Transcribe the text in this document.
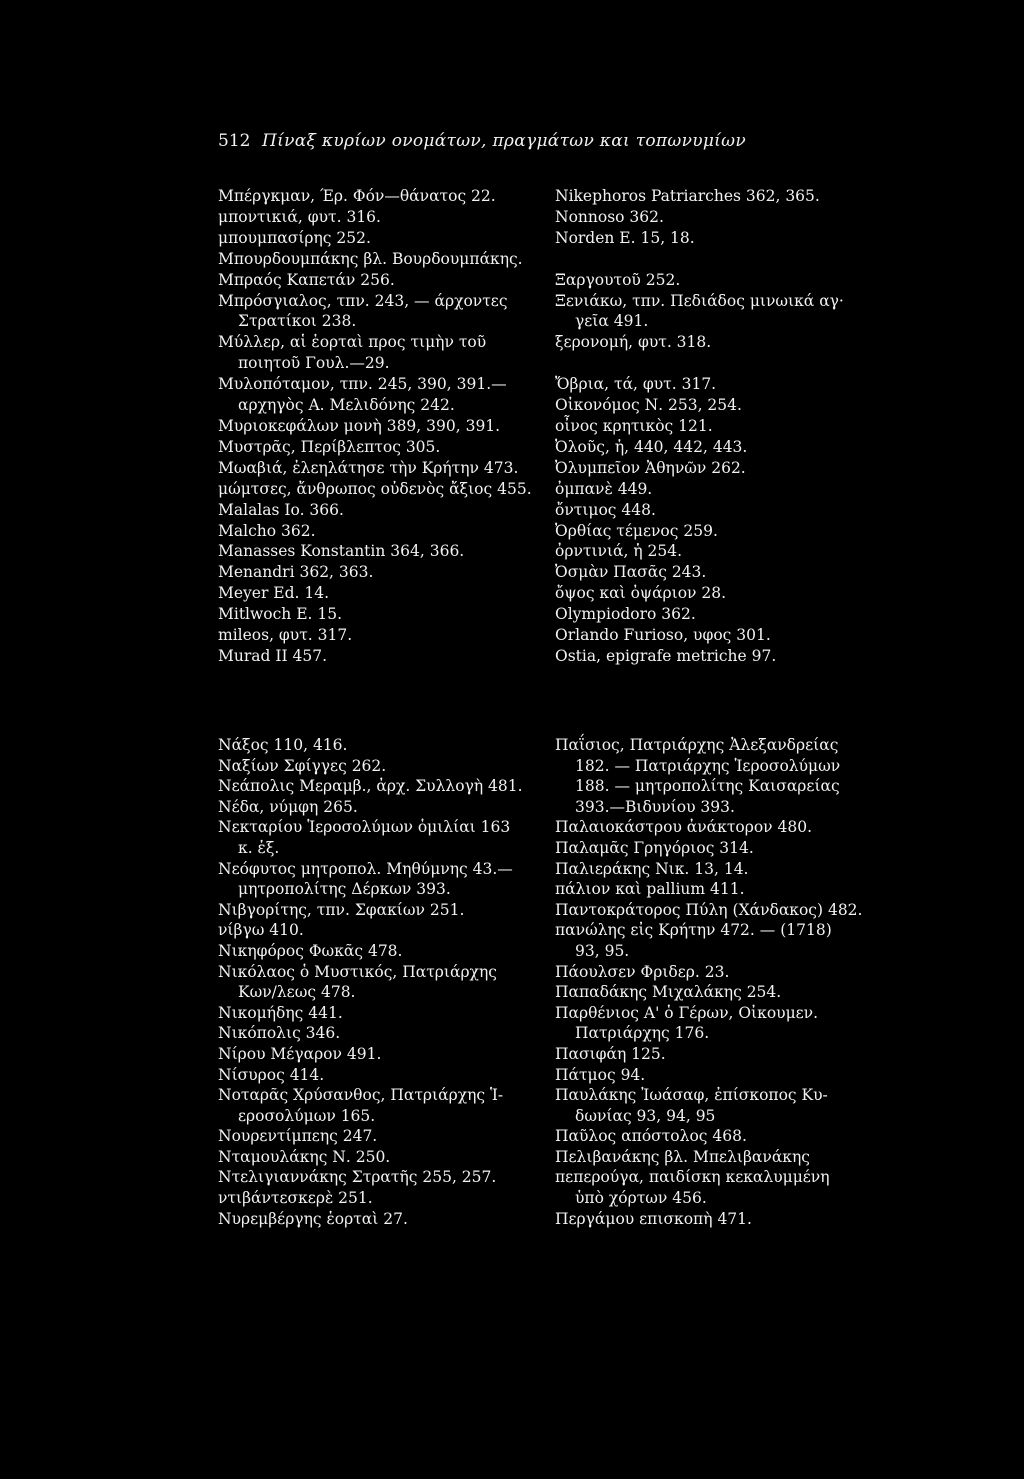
512 Πίναξ κυρίων ονομάτων, πραγμάτων και τοπωνυμίων
Μπέργκμαν, Έρ. Φόν—θάνατος 22.
μποντικιά, φυτ. 316.
μπουμπασίρης 252.
Μπουρδουμπάκης βλ. Βουρδουμπάκης.
Μπραός Καπετάν 256.
Μπρόσγιαλος, τπν. 243, — άρχοντες
Στρατίκοι 238.
Μύλλερ, αἱ ἑορταὶ προς τιμὴν τοῦ
ποιητοῦ Γουλ.—29.
Μυλοπόταμον, τπν. 245, 390, 391.—
αρχηγὸς Α. Μελιδόνης 242.
Μυριοκεφάλων μονὴ 389, 390, 391.
Μυστρᾶς, Περίβλεπτος 305.
Μωαβιά, ἐλεηλάτησε τὴν Κρήτην 473.
μώμτσες, ἄνθρωπος οὐδενὸς ἄξιος 455.
Malalas Io. 366.
Malcho 362.
Manasses Konstantin 364, 366.
Menandri 362, 363.
Meyer Ed. 14.
Mitlwoch E. 15.
mileos, φυτ. 317.
Murad II 457.
Nikephoros Patriarches 362, 365.
Nonnoso 362.
Norden E. 15, 18.

Ξαργουτοῦ 252.
Ξενιάκω, τπν. Πεδιάδος μινωικά αγ·
γεῖα 491.
ξερονομή, φυτ. 318.

Ὄβρια, τά, φυτ. 317.
Οἰκονόμος Ν. 253, 254.
οἶνος κρητικὸς 121.
Ὀλοῦς, ἡ, 440, 442, 443.
Ὀλυμπεῖον Ἀθηνῶν 262.
ὀμπανὲ 449.
ὄντιμος 448.
Ὀρθίας τέμενος 259.
ὀρντινιά, ἡ 254.
Ὀσμὰν Πασᾶς 243.
ὄψος καὶ ὀψάριον 28.
Olympiodoro 362.
Orlando Furioso, υφος 301.
Ostia, epigrafe metriche 97.
Νάξος 110, 416.
Ναξίων Σφίγγες 262.
Νεάπολις Μεραμβ., ἀρχ. Συλλογὴ 481.
Νέδα, νύμφη 265.
Νεκταρίου Ἱεροσολύμων ὁμιλίαι 163
κ. ἑξ.
Νεόφυτος μητροπολ. Μηθύμνης 43.—
μητροπολίτης Δέρκων 393.
Νιβγορίτης, τπν. Σφακίων 251.
νίβγω 410.
Νικηφόρος Φωκᾶς 478.
Νικόλαος ὁ Μυστικός, Πατριάρχης
Κων/λεως 478.
Νικομήδης 441.
Νικόπολις 346.
Νίρου Μέγαρον 491.
Νίσυρος 414.
Νοταρᾶς Χρύσανθος, Πατριάρχης Ἱ-
εροσολύμων 165.
Νουρεντίμπεης 247.
Νταμουλάκης Ν. 250.
Ντελιγιαννάκης Στρατῆς 255, 257.
ντιβάντεσκερὲ 251.
Νυρεμβέργης ἑορταὶ 27.
Παΐσιος, Πατριάρχης Ἀλεξανδρείας
182. — Πατριάρχης Ἱεροσολύμων
188. — μητροπολίτης Καισαρείας
393.—Βιδυνίου 393.
Παλαιοκάστρου ἀνάκτορον 480.
Παλαμᾶς Γρηγόριος 314.
Παλιεράκης Νικ. 13, 14.
πάλιον καὶ pallium 411.
Παντοκράτορος Πύλη (Χάνδακος) 482.
πανώλης εἰς Κρήτην 472. — (1718)
93, 95.
Πάουλσεν Φριδερ. 23.
Παπαδάκης Μιχαλάκης 254.
Παρθένιος Α' ὁ Γέρων, Οἰκουμεν.
Πατριάρχης 176.
Πασιφάη 125.
Πάτμος 94.
Παυλάκης Ἰωάσαφ, ἐπίσκοπος Κυ-
δωνίας 93, 94, 95
Παῦλος απόστολος 468.
Πελιβανάκης βλ. Μπελιβανάκης
πεπερούγα, παιδίσκη κεκαλυμμένη
ὑπὸ χόρτων 456.
Περγάμου επισκοπὴ 471.
